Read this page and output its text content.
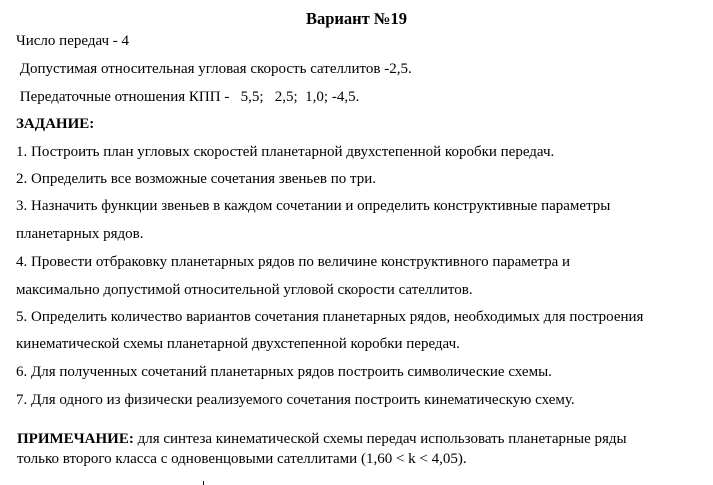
Вариант №19
Число передач - 4
Допустимая относительная угловая скорость сателлитов -2,5.
Передаточные отношения КПП -   5,5;   2,5;  1,0; -4,5.
ЗАДАНИЕ:
1. Построить план угловых скоростей планетарной двухстепенной коробки передач.
2. Определить все возможные сочетания звеньев по три.
3. Назначить функции звеньев в каждом сочетании и определить конструктивные параметры
планетарных рядов.
4. Провести отбраковку планетарных рядов по величине конструктивного параметра и
максимально допустимой относительной угловой скорости сателлитов.
5. Определить количество вариантов сочетания планетарных рядов, необходимых для построения
кинематической схемы планетарной двухстепенной коробки передач.
6. Для полученных сочетаний планетарных рядов построить символические схемы.
7. Для одного из физически реализуемого сочетания построить кинематическую схему.
ПРИМЕЧАНИЕ: для синтеза кинематической схемы передач использовать планетарные ряды
только второго класса с одновенцовыми сателлитами (1,60 < k < 4,05).
